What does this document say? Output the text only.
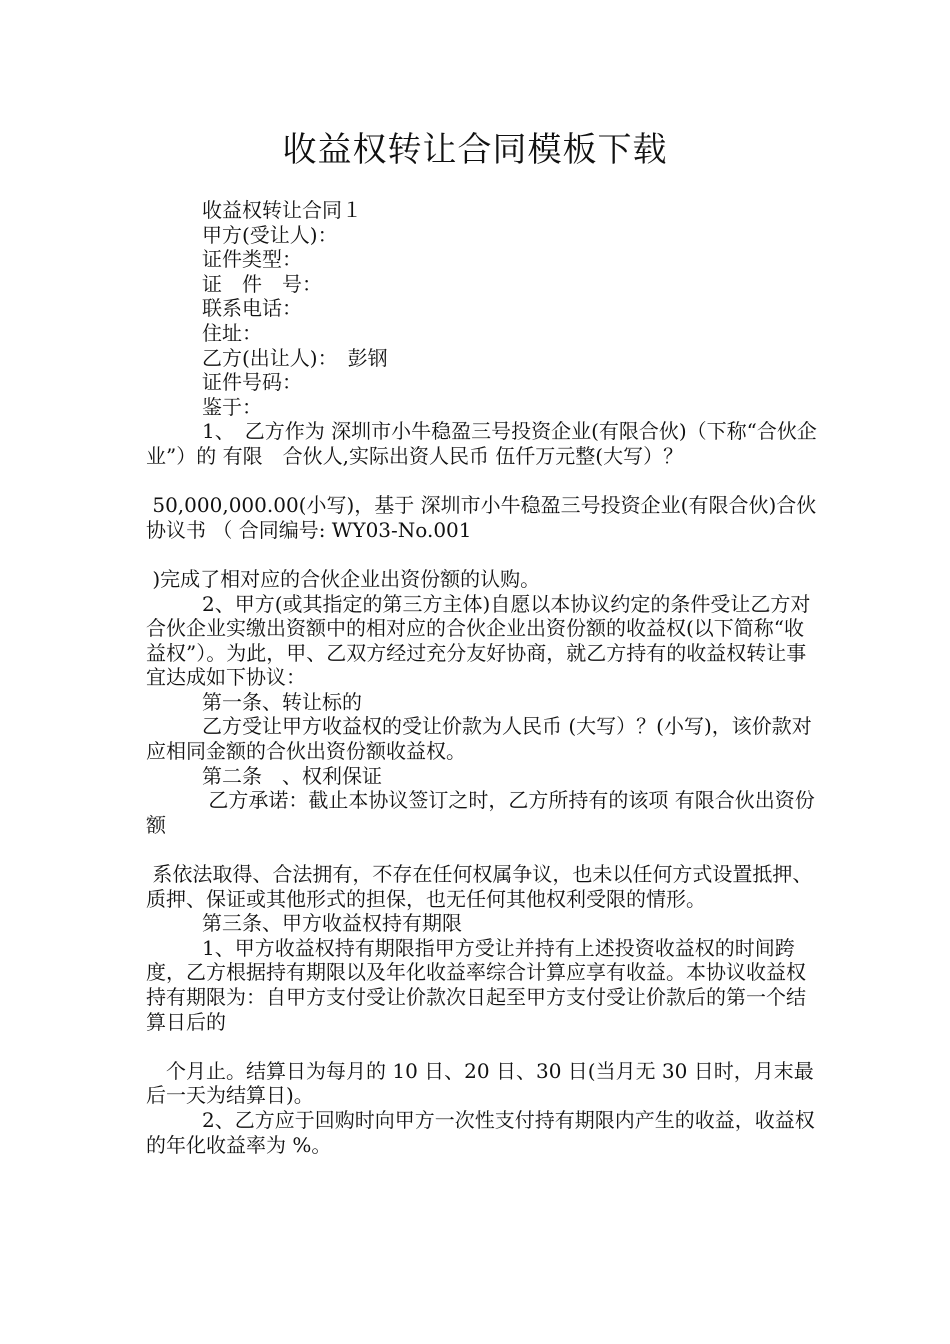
收益权转让合同模板下载

收益权转让合同１

甲方(受让人)：

证件类型：

证　件　号：

联系电话：

住址：

乙方(出让人)：　彭钢

证件号码：

鉴于：

1、　乙方作为 深圳市小牛稳盈三号投资企业(有限合伙)（下称“合伙企业”）的 有限　合伙人,实际出资人民币 伍仟万元整(大写）？

50,000,000.00(小写)，基于 深圳市小牛稳盈三号投资企业(有限合伙)合伙协议书 （ 合同编号: WY03-No.001

)完成了相对应的合伙企业出资份额的认购。

2、甲方(或其指定的第三方主体)自愿以本协议约定的条件受让乙方对合伙企业实缴出资额中的相对应的合伙企业出资份额的收益权(以下简称“收益权”）。为此，甲、乙双方经过充分友好协商，就乙方持有的收益权转让事宜达成如下协议：

第一条、转让标的

乙方受让甲方收益权的受让价款为人民币 (大写）？(小写)，该价款对应相同金额的合伙出资份额收益权。

第二条　、权利保证

乙方承诺：截止本协议签订之时，乙方所持有的该项 有限合伙出资份额

系依法取得、合法拥有，不存在任何权属争议，也未以任何方式设置抵押、质押、保证或其他形式的担保，也无任何其他权利受限的情形。

第三条、甲方收益权持有期限

1、甲方收益权持有期限指甲方受让并持有上述投资收益权的时间跨度，乙方根据持有期限以及年化收益率综合计算应享有收益。本协议收益权持有期限为：自甲方支付受让价款次日起至甲方支付受让价款后的第一个结算日后的

　个月止。结算日为每月的 10 日、20 日、30 日(当月无 30 日时，月末最后一天为结算日)。

2、乙方应于回购时向甲方一次性支付持有期限内产生的收益，收益权的年化收益率为 %。
